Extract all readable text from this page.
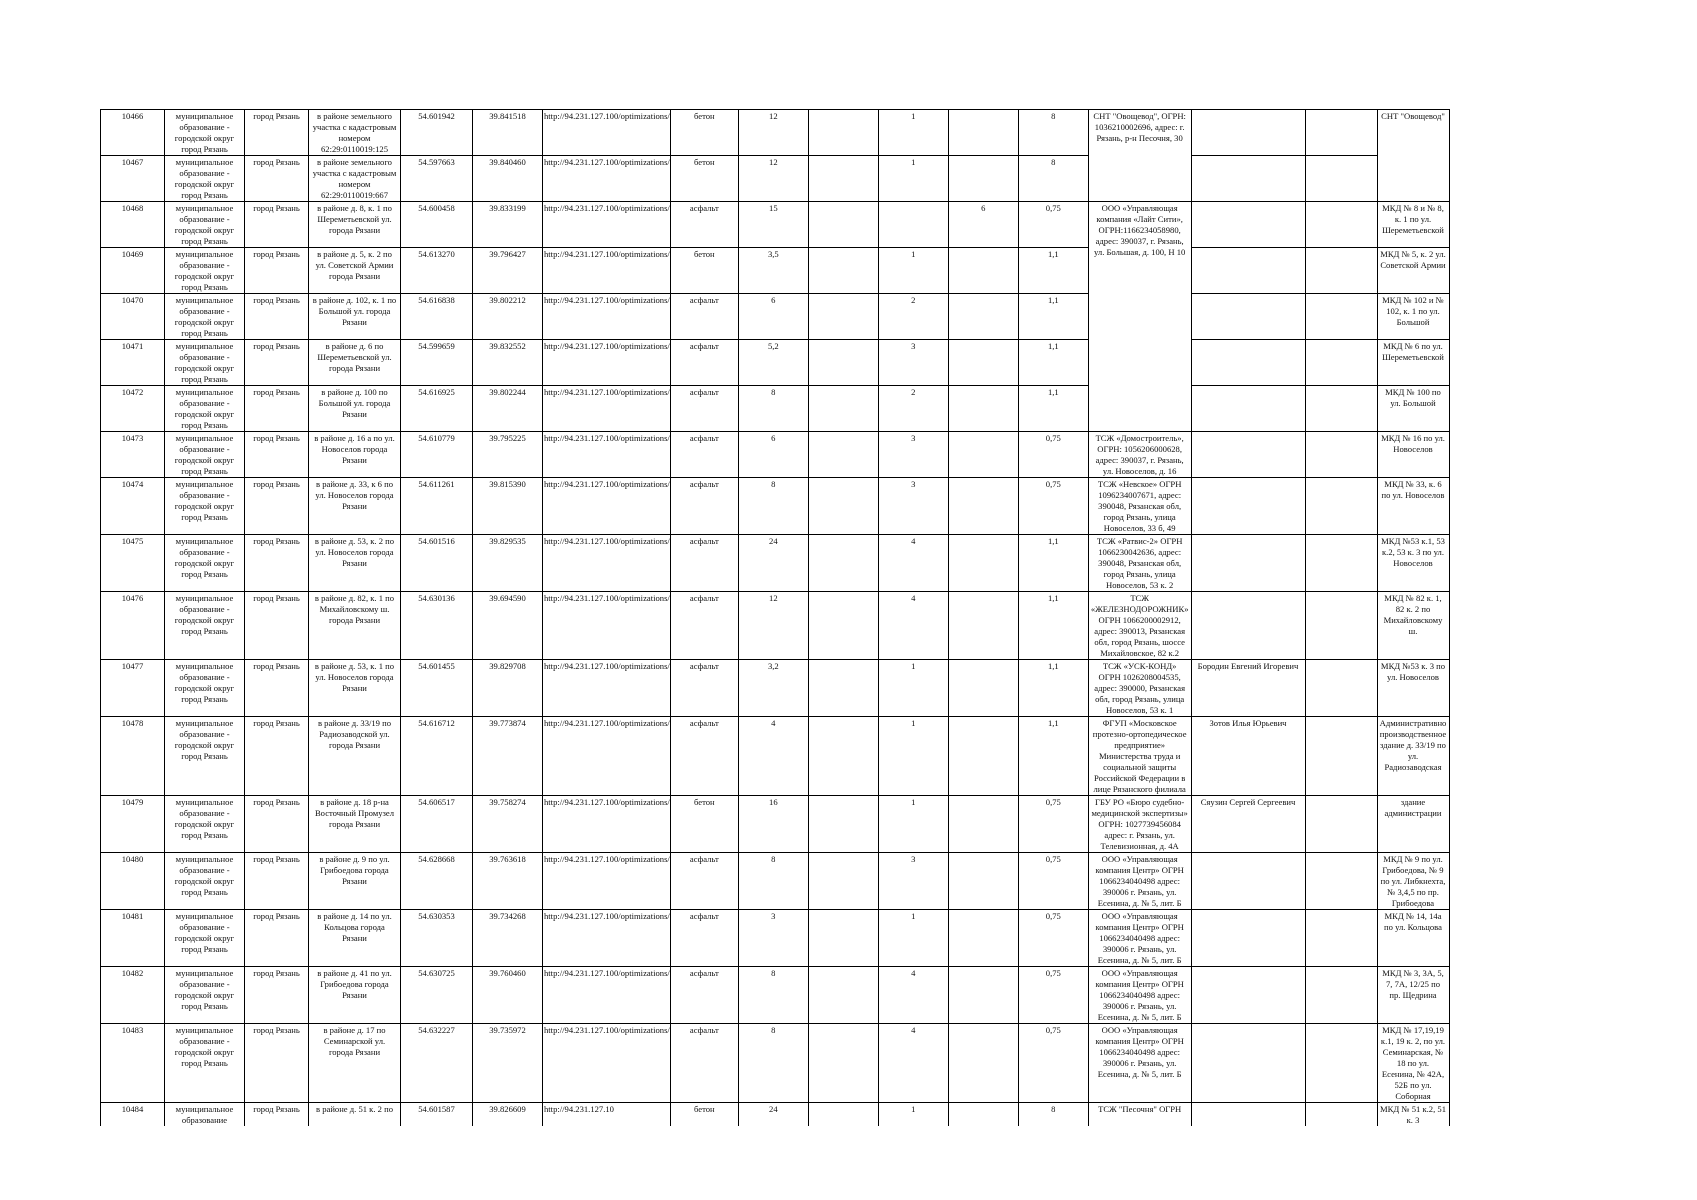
10466	муниципальное образование - городской округ город Рязань	город Рязань	в районе земельного участка с кадастровым номером 62:29:0110019:125	54.601942	39.841518	http://94.231.127.100/optimizations/	бетон	12		1		8	СНТ "Овощевод", ОГРН: 1036210002696, адрес: г. Рязань, р-н Песочня, 30			СНТ "Овощевод"
10467	муниципальное образование - городской округ город Рязань	город Рязань	в районе земельного участка с кадастровым номером 62:29:0110019:667	54.597663	39.840460	http://94.231.127.100/optimizations/	бетон	12		1		8				
10468	муниципальное образование - городской округ город Рязань	город Рязань	в районе д. 8, к. 1 по Шереметьевской ул. города Рязани	54.600458	39.833199	http://94.231.127.100/optimizations/	асфальт	15			6	0,75	ООО «Управляющая компания «Лайт Сити», ОГРН:1166234058980, адрес: 390037, г. Рязань, ул. Большая, д. 100, Н 10			МКД № 8 и № 8, к. 1 по ул. Шереметьевской
10469	муниципальное образование - городской округ город Рязань	город Рязань	в районе д. 5, к. 2 по ул. Советской Армии города Рязани	54.613270	39.796427	http://94.231.127.100/optimizations/	бетон	3,5		1		1,1				МКД № 5, к. 2 ул. Советской Армии
10470	муниципальное образование - городской округ город Рязань	город Рязань	в районе д. 102, к. 1 по Большой ул. города Рязани	54.616838	39.802212	http://94.231.127.100/optimizations/	асфальт	6		2		1,1				МКД № 102 и № 102, к. 1 по ул. Большой
10471	муниципальное образование - городской округ город Рязань	город Рязань	в районе д. 6 по Шереметьевской ул. города Рязани	54.599659	39.832552	http://94.231.127.100/optimizations/	асфальт	5,2		3		1,1				МКД № 6 по ул. Шереметьевской
10472	муниципальное образование - городской округ город Рязань	город Рязань	в районе д. 100 по Большой ул. города Рязани	54.616925	39.802244	http://94.231.127.100/optimizations/	асфальт	8		2		1,1				МКД № 100 по ул. Большой
10473	муниципальное образование - городской округ город Рязань	город Рязань	в районе д. 16 а по ул. Новоселов города Рязани	54.610779	39.795225	http://94.231.127.100/optimizations/	асфальт	6		3		0,75	ТСЖ «Домостроитель», ОГРН: 1056206000628, адрес: 390037, г. Рязань, ул. Новоселов, д. 16			МКД № 16 по ул. Новоселов
10474	муниципальное образование - городской округ город Рязань	город Рязань	в районе д. 33, к 6 по ул. Новоселов города Рязани	54.611261	39.815390	http://94.231.127.100/optimizations/	асфальт	8		3		0,75	ТСЖ «Невское» ОГРН 1096234007671, адрес: 390048, Рязанская обл, город Рязань, улица Новоселов, 33 б, 49			МКД № 33, к. 6 по ул. Новоселов
10475	муниципальное образование - городской округ город Рязань	город Рязань	в районе д. 53, к. 2 по ул. Новоселов города Рязани	54.601516	39.829535	http://94.231.127.100/optimizations/	асфальт	24		4		1,1	ТСЖ «Ратвис-2» ОГРН 1066230042636, адрес: 390048, Рязанская обл, город Рязань, улица Новоселов, 53 к. 2			МКД №53 к.1, 53 к.2, 53 к. 3 по ул. Новоселов
10476	муниципальное образование - городской округ город Рязань	город Рязань	в районе д. 82, к. 1 по Михайловскому ш. города Рязани	54.630136	39.694590	http://94.231.127.100/optimizations/	асфальт	12		4		1,1	ТСЖ «ЖЕЛЕЗНОДОРОЖНИК» ОГРН 1066200002912, адрес: 390013, Рязанская обл, город Рязань, шоссе Михайловское, 82 к.2			МКД № 82 к. 1, 82 к. 2 по Михайловскому ш.
10477	муниципальное образование - городской округ город Рязань	город Рязань	в районе д. 53, к. 1 по ул. Новоселов города Рязани	54.601455	39.829708	http://94.231.127.100/optimizations/	асфальт	3,2		1		1,1	ТСЖ «УСК-КОНД» ОГРН 1026208004535, адрес: 390000, Рязанская обл, город Рязань, улица Новоселов, 53 к. 1	Бородин Евгений Игоревич		МКД №53 к. 3 по ул. Новоселов
10478	муниципальное образование - городской округ город Рязань	город Рязань	в районе д. 33/19 по Радиозаводской ул. города Рязани	54.616712	39.773874	http://94.231.127.100/optimizations/	асфальт	4		1		1,1	ФГУП «Московское протезно-ортопедическое предприятие» Министерства труда и социальной защиты Российской Федерации в лице Рязанского филиала	Зотов Илья Юрьевич		Административно производственное здание д. 33/19 по ул. Радиозаводская
10479	муниципальное образование - городской округ город Рязань	город Рязань	в районе д. 18 р-на Восточный Промузел города Рязани	54.606517	39.758274	http://94.231.127.100/optimizations/	бетон	16		1		0,75	ГБУ РО «Бюро судебно-медицинской экспертизы» ОГРН: 1027739456084 адрес: г. Рязань, ул. Телевизионная, д. 4А	Сяузин Сергей Сергеевич		здание администрации
10480	муниципальное образование - городской округ город Рязань	город Рязань	в районе д. 9 по ул. Грибоедова города Рязани	54.628668	39.763618	http://94.231.127.100/optimizations/	асфальт	8		3		0,75	ООО «Управляющая компания Центр» ОГРН 1066234040498 адрес: 390006 г. Рязань, ул. Есенина, д. № 5, лит. Б			МКД № 9 по ул. Грибоедова, № 9 по ул. Либкнехта, № 3,4,5 по пр. Грибоедова
10481	муниципальное образование - городской округ город Рязань	город Рязань	в районе д. 14 по ул. Кольцова города Рязани	54.630353	39.734268	http://94.231.127.100/optimizations/	асфальт	3		1		0,75	ООО «Управляющая компания Центр» ОГРН 1066234040498 адрес: 390006 г. Рязань, ул. Есенина, д. № 5, лит. Б			МКД № 14, 14а по ул. Кольцова
10482	муниципальное образование - городской округ город Рязань	город Рязань	в районе д. 41 по ул. Грибоедова города Рязани	54.630725	39.760460	http://94.231.127.100/optimizations/	асфальт	8		4		0,75	ООО «Управляющая компания Центр» ОГРН 1066234040498 адрес: 390006 г. Рязань, ул. Есенина, д. № 5, лит. Б			МКД № 3, 3А, 5, 7, 7А, 12/25 по пр. Щедрина
10483	муниципальное образование - городской округ город Рязань	город Рязань	в районе д. 17 по Семинарской ул. города Рязани	54.632227	39.735972	http://94.231.127.100/optimizations/	асфальт	8		4		0,75	ООО «Управляющая компания Центр» ОГРН 1066234040498 адрес: 390006 г. Рязань, ул. Есенина, д. № 5, лит. Б			МКД № 17,19,19 к.1, 19 к. 2, по ул. Семинарская, № 18 по ул. Есенина, № 42А, 52Б по ул. Соборная
10484	муниципальное образование	город Рязань	в районе д. 51 к. 2 по	54.601587	39.826609	http://94.231.127.10	бетон	24		1		8	ТСЖ "Песочня" ОГРН			МКД № 51 к.2, 51 к. 3
